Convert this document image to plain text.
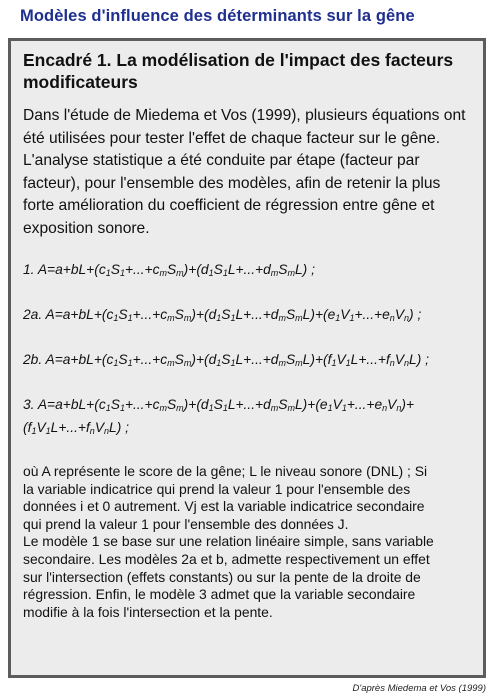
Modèles d'influence des déterminants sur la gêne
Encadré 1. La modélisation de l'impact des facteurs modificateurs
Dans l'étude de Miedema et Vos (1999), plusieurs équations ont été utilisées pour tester l'effet de chaque facteur sur le gêne. L'analyse statistique a été conduite par étape (facteur par facteur), pour l'ensemble des modèles, afin de retenir la plus forte amélioration du coefficient de régression entre gêne et exposition sonore.
1. $A=a+bL+(c_1S_1+...+c_mS_m)+(d_1S_1L+...+d_mS_mL)$ ;
2a. $A=a+bL+(c_1S_1+...+c_mS_m)+(d_1S_1L+...+d_mS_mL)+(e_1V_1+...+e_nV_n)$ ;
2b. $A=a+bL+(c_1S_1+...+c_mS_m)+(d_1S_1L+...+d_mS_mL)+(f_1V_1L+...+f_nV_nL)$ ;
3. $A=a+bL+(c_1S_1+...+c_mS_m)+(d_1S_1L+...+d_mS_mL)+(e_1V_1+...+e_nV_n)+ (f_1V_1L+...+f_nV_nL)$ ;

où A représente le score de la gêne; L le niveau sonore (DNL) ; Si
la variable indicatrice qui prend la valeur 1 pour l'ensemble des
données i et 0 autrement. Vj est la variable indicatrice secondaire
qui prend la valeur 1 pour l'ensemble des données J.
Le modèle 1 se base sur une relation linéaire simple, sans variable
secondaire. Les modèles 2a et b, admette respectivement un effet
sur l'intersection (effets constants) ou sur la pente de la droite de
régression. Enfin, le modèle 3 admet que la variable secondaire
modifie à la fois l'intersection et la pente.

D'après Miedema et Vos (1999)
